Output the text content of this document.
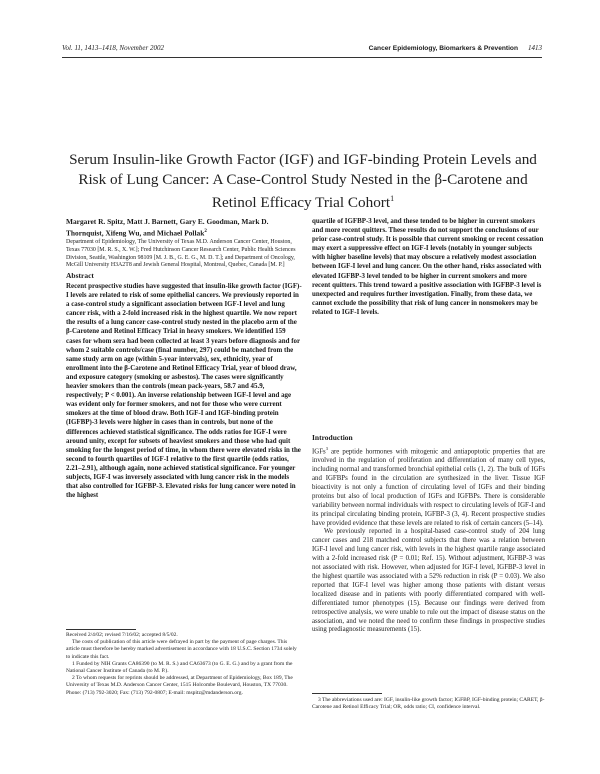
Vol. 11, 1413–1418, November 2002	Cancer Epidemiology, Biomarkers & Prevention 1413
Serum Insulin-like Growth Factor (IGF) and IGF-binding Protein Levels and Risk of Lung Cancer: A Case-Control Study Nested in the β-Carotene and Retinol Efficacy Trial Cohort$^1$
Margaret R. Spitz, Matt J. Barnett, Gary E. Goodman, Mark D. Thornquist, Xifeng Wu, and Michael Pollak$^2$
Department of Epidemiology, The University of Texas M.D. Anderson Cancer Center, Houston, Texas 77030 [M. R. S., X. W.]; Fred Hutchinson Cancer Research Center, Public Health Sciences Division, Seattle, Washington 98109 [M. J. B., G. E. G., M. D. T.]; and Department of Oncology, McGill University H3A2T8 and Jewish General Hospital, Montreal, Quebec, Canada [M. P.]
Abstract
Recent prospective studies have suggested that insulin-like growth factor (IGF)-I levels are related to risk of some epithelial cancers. We previously reported in a case-control study a significant association between IGF-I level and lung cancer risk, with a 2-fold increased risk in the highest quartile. We now report the results of a lung cancer case-control study nested in the placebo arm of the β-Carotene and Retinol Efficacy Trial in heavy smokers. We identified 159 cases for whom sera had been collected at least 3 years before diagnosis and for whom 2 suitable controls/case (final number, 297) could be matched from the same study arm on age (within 5-year intervals), sex, ethnicity, year of enrollment into the β-Carotene and Retinol Efficacy Trial, year of blood draw, and exposure category (smoking or asbestos). The cases were significantly heavier smokers than the controls (mean pack-years, 58.7 and 45.9, respectively; P < 0.001). An inverse relationship between IGF-I level and age was evident only for former smokers, and not for those who were current smokers at the time of blood draw. Both IGF-I and IGF-binding protein (IGFBP)-3 levels were higher in cases than in controls, but none of the differences achieved statistical significance. The odds ratios for IGF-I were around unity, except for subsets of heaviest smokers and those who had quit smoking for the longest period of time, in whom there were elevated risks in the second to fourth quartiles of IGF-I relative to the first quartile (odds ratios, 2.21–2.91), although again, none achieved statistical significance. For younger subjects, IGF-I was inversely associated with lung cancer risk in the models that also controlled for IGFBP-3. Elevated risks for lung cancer were noted in the highest
quartile of IGFBP-3 level, and these tended to be higher in current smokers and more recent quitters. These results do not support the conclusions of our prior case-control study. It is possible that current smoking or recent cessation may exert a suppressive effect on IGF-I levels (notably in younger subjects with higher baseline levels) that may obscure a relatively modest association between IGF-I level and lung cancer. On the other hand, risks associated with elevated IGFBP-3 level tended to be higher in current smokers and more recent quitters. This trend toward a positive association with IGFBP-3 level is unexpected and requires further investigation. Finally, from these data, we cannot exclude the possibility that risk of lung cancer in nonsmokers may be related to IGF-I levels.
Introduction

IGFs$^3$ are peptide hormones with mitogenic and antiapoptotic properties that are involved in the regulation of proliferation and differentiation of many cell types, including normal and transformed bronchial epithelial cells (1, 2). The bulk of IGFs and IGFBPs found in the circulation are synthesized in the liver. Tissue IGF bioactivity is not only a function of circulating level of IGFs and their binding proteins but also of local production of IGFs and IGFBPs. There is considerable variability between normal individuals with respect to circulating levels of IGF-I and its principal circulating binding protein, IGFBP-3 (3, 4). Recent prospective studies have provided evidence that these levels are related to risk of certain cancers (5–14).

We previously reported in a hospital-based case-control study of 204 lung cancer cases and 218 matched control subjects that there was a relation between IGF-I level and lung cancer risk, with levels in the highest quartile range associated with a 2-fold increased risk (P = 0.01; Ref. 15). Without adjustment, IGFBP-3 was not associated with risk. However, when adjusted for IGF-I level, IGFBP-3 level in the highest quartile was associated with a 52% reduction in risk (P = 0.03). We also reported that IGF-I level was higher among those patients with distant versus localized disease and in patients with poorly differentiated compared with well-differentiated tumor phenotypes (15). Because our findings were derived from retrospective analysis, we were unable to rule out the impact of disease status on the association, and we noted the need to confirm these findings in prospective studies using prediagnostic measurements (15).

Received 2/4/02; revised 7/16/02; accepted 8/5/02.
The costs of publication of this article were defrayed in part by the payment of page charges. This article must therefore be hereby marked advertisement in accordance with 18 U.S.C. Section 1734 solely to indicate this fact.
1 Funded by NIH Grants CA86390 (to M. R. S.) and CA63673 (to G. E. G.) and by a grant from the National Cancer Institute of Canada (to M. P.).
2 To whom requests for reprints should be addressed, at Department of Epidemiology, Box 189, The University of Texas M.D. Anderson Cancer Center, 1515 Holcombe Boulevard, Houston, TX 77030. Phone: (713) 792-3020; Fax: (713) 792-0807; E-mail: mspitz@mdanderson.org.
3 The abbreviations used are: IGF, insulin-like growth factor; IGFBP, IGF-binding protein; CARET, β-Carotene and Retinol Efficacy Trial; OR, odds ratio; CI, confidence interval.
